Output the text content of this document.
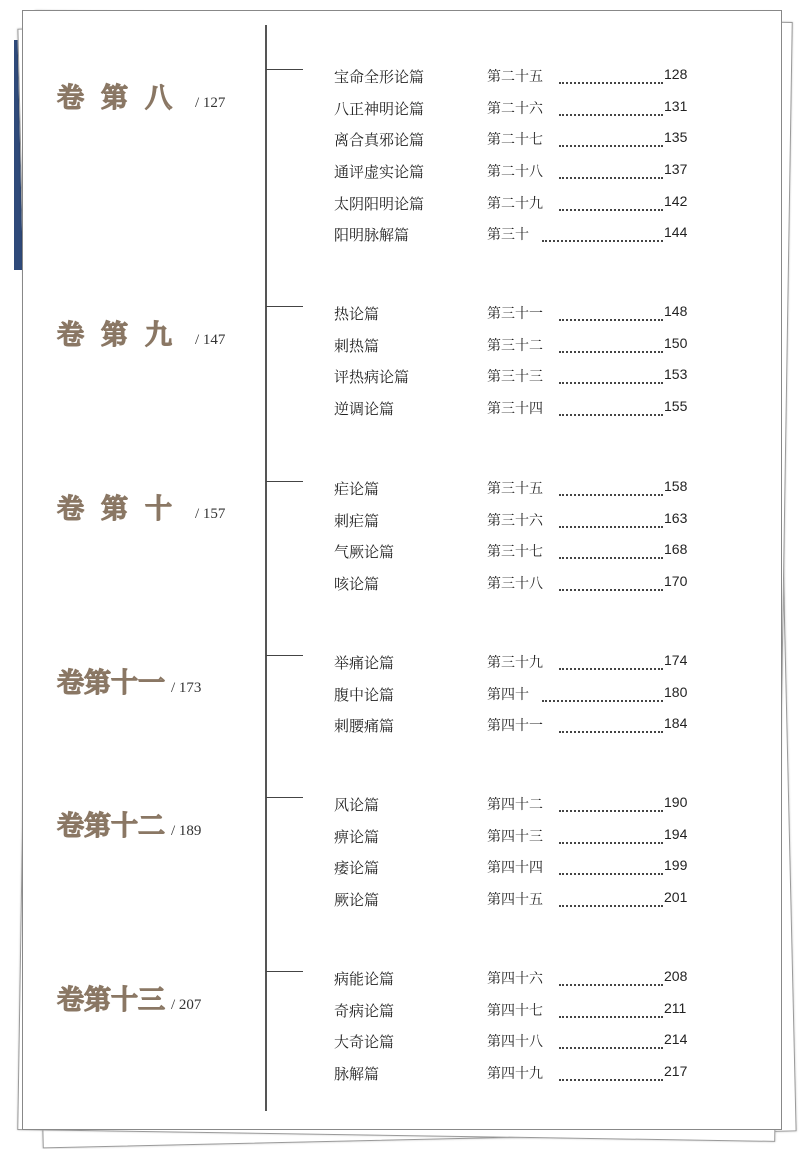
卷第八 / 127
宝命全形论篇	第二十五	128
八正神明论篇	第二十六	131
离合真邪论篇	第二十七	135
通评虚实论篇	第二十八	137
太阴阳明论篇	第二十九	142
阳明脉解篇	第三十	144
卷第九 / 147
热论篇	第三十一	148
刺热篇	第三十二	150
评热病论篇	第三十三	153
逆调论篇	第三十四	155
卷第十 / 157
疟论篇	第三十五	158
刺疟篇	第三十六	163
气厥论篇	第三十七	168
咳论篇	第三十八	170
卷第十一 / 173
举痛论篇	第三十九	174
腹中论篇	第四十	180
刺腰痛篇	第四十一	184
卷第十二 / 189
风论篇	第四十二	190
痹论篇	第四十三	194
痿论篇	第四十四	199
厥论篇	第四十五	201
卷第十三 / 207
病能论篇	第四十六	208
奇病论篇	第四十七	211
大奇论篇	第四十八	214
脉解篇	第四十九	217
